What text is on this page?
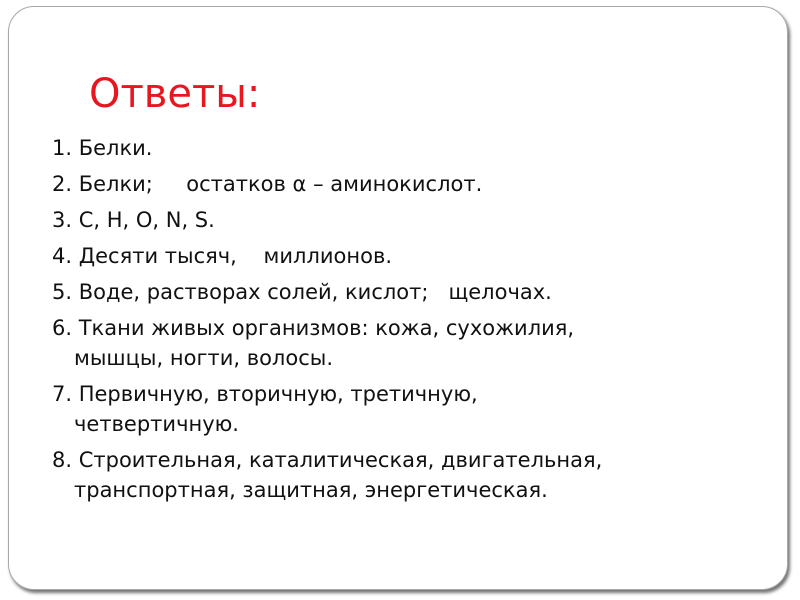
Ответы:
1. Белки.
2. Белки;     остатков α – аминокислот.
3. C, H, O, N, S.
4. Десяти тысяч,    миллионов.
5. Воде, растворах солей, кислот;   щелочах.
6. Ткани живых организмов: кожа, сухожилия,
мышцы, ногти, волосы.
7. Первичную, вторичную, третичную,
четвертичную.
8. Строительная, каталитическая, двигательная,
транспортная, защитная, энергетическая.
